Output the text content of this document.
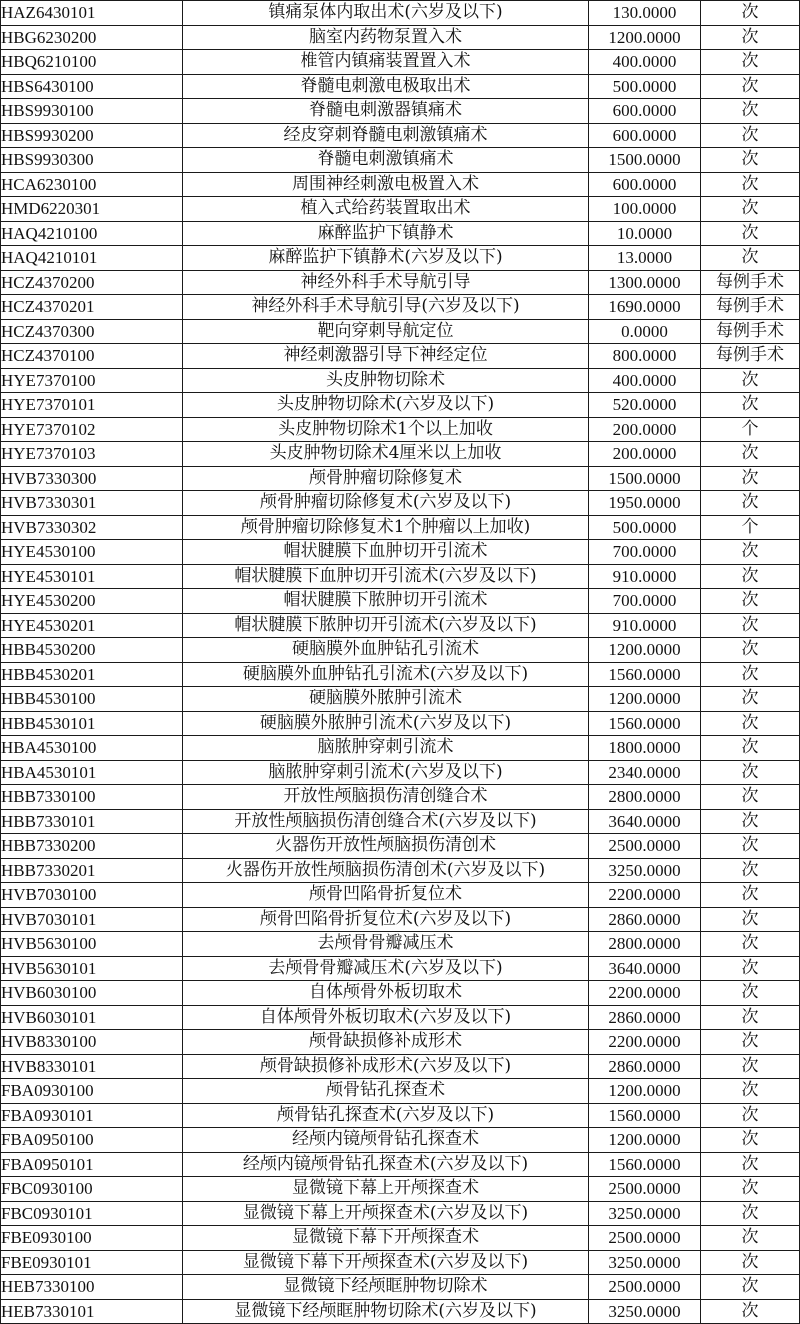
HAZ6430101	镇痛泵体内取出术(六岁及以下)	130.0000	次
HBG6230200	脑室内药物泵置入术	1200.0000	次
HBQ6210100	椎管内镇痛装置置入术	400.0000	次
HBS6430100	脊髓电刺激电极取出术	500.0000	次
HBS9930100	脊髓电刺激器镇痛术	600.0000	次
HBS9930200	经皮穿刺脊髓电刺激镇痛术	600.0000	次
HBS9930300	脊髓电刺激镇痛术	1500.0000	次
HCA6230100	周围神经刺激电极置入术	600.0000	次
HMD6220301	植入式给药装置取出术	100.0000	次
HAQ4210100	麻醉监护下镇静术	10.0000	次
HAQ4210101	麻醉监护下镇静术(六岁及以下)	13.0000	次
HCZ4370200	神经外科手术导航引导	1300.0000	每例手术
HCZ4370201	神经外科手术导航引导(六岁及以下)	1690.0000	每例手术
HCZ4370300	靶向穿刺导航定位	0.0000	每例手术
HCZ4370100	神经刺激器引导下神经定位	800.0000	每例手术
HYE7370100	头皮肿物切除术	400.0000	次
HYE7370101	头皮肿物切除术(六岁及以下)	520.0000	次
HYE7370102	头皮肿物切除术1个以上加收	200.0000	个
HYE7370103	头皮肿物切除术4厘米以上加收	200.0000	次
HVB7330300	颅骨肿瘤切除修复术	1500.0000	次
HVB7330301	颅骨肿瘤切除修复术(六岁及以下)	1950.0000	次
HVB7330302	颅骨肿瘤切除修复术1个肿瘤以上加收)	500.0000	个
HYE4530100	帽状腱膜下血肿切开引流术	700.0000	次
HYE4530101	帽状腱膜下血肿切开引流术(六岁及以下)	910.0000	次
HYE4530200	帽状腱膜下脓肿切开引流术	700.0000	次
HYE4530201	帽状腱膜下脓肿切开引流术(六岁及以下)	910.0000	次
HBB4530200	硬脑膜外血肿钻孔引流术	1200.0000	次
HBB4530201	硬脑膜外血肿钻孔引流术(六岁及以下)	1560.0000	次
HBB4530100	硬脑膜外脓肿引流术	1200.0000	次
HBB4530101	硬脑膜外脓肿引流术(六岁及以下)	1560.0000	次
HBA4530100	脑脓肿穿刺引流术	1800.0000	次
HBA4530101	脑脓肿穿刺引流术(六岁及以下)	2340.0000	次
HBB7330100	开放性颅脑损伤清创缝合术	2800.0000	次
HBB7330101	开放性颅脑损伤清创缝合术(六岁及以下)	3640.0000	次
HBB7330200	火器伤开放性颅脑损伤清创术	2500.0000	次
HBB7330201	火器伤开放性颅脑损伤清创术(六岁及以下)	3250.0000	次
HVB7030100	颅骨凹陷骨折复位术	2200.0000	次
HVB7030101	颅骨凹陷骨折复位术(六岁及以下)	2860.0000	次
HVB5630100	去颅骨骨瓣减压术	2800.0000	次
HVB5630101	去颅骨骨瓣减压术(六岁及以下)	3640.0000	次
HVB6030100	自体颅骨外板切取术	2200.0000	次
HVB6030101	自体颅骨外板切取术(六岁及以下)	2860.0000	次
HVB8330100	颅骨缺损修补成形术	2200.0000	次
HVB8330101	颅骨缺损修补成形术(六岁及以下)	2860.0000	次
FBA0930100	颅骨钻孔探查术	1200.0000	次
FBA0930101	颅骨钻孔探查术(六岁及以下)	1560.0000	次
FBA0950100	经颅内镜颅骨钻孔探查术	1200.0000	次
FBA0950101	经颅内镜颅骨钻孔探查术(六岁及以下)	1560.0000	次
FBC0930100	显微镜下幕上开颅探查术	2500.0000	次
FBC0930101	显微镜下幕上开颅探查术(六岁及以下)	3250.0000	次
FBE0930100	显微镜下幕下开颅探查术	2500.0000	次
FBE0930101	显微镜下幕下开颅探查术(六岁及以下)	3250.0000	次
HEB7330100	显微镜下经颅眶肿物切除术	2500.0000	次
HEB7330101	显微镜下经颅眶肿物切除术(六岁及以下)	3250.0000	次
